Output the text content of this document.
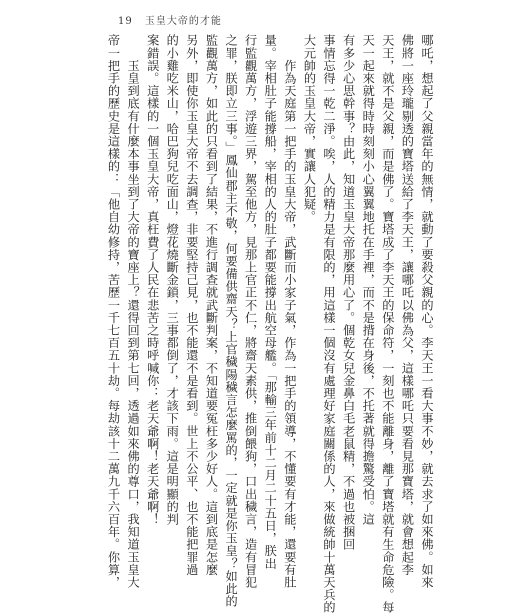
19 玉皇大帝的才能
哪吒，想起了父親當年的無情，就動了要殺父親的心。李天王一看大事不妙，就去求了如來佛。如來
佛將一座玲瓏剔透的寶塔送給了李天王，讓哪吒以佛為父，這樣哪吒只要看見那寶塔，就會想起李
天王，就不是父親，而是佛了。寶塔成了李天王的保命符，一刻也不能離身，離了寶塔就有生命危險。每
天一起來就得時時刻刻小心翼翼地托在手裡，而不是揹在身後，不托著就得擔驚受怕。這
有多少心思幹事？由此，知道玉皇大帝那麼用心了。個乾女兒金鼻白毛老鼠精，不過也被捆回
事情忘得一乾二淨。唉，人的精力是有限的，用這樣一個沒有處理好家庭關係的人，來做統帥十萬天兵的
大元帥的玉皇大帝，實讓人犯疑。
作為天庭第一把手的玉皇大帝，武斷而小家子氣，作為一把手的領導，不懂要有才能，還要有肚
量。宰相肚子能撐船，宰相的人的肚子都要能撐出航空母艦。「那輸三年前十二月二十五日，朕出
行監觀萬方，浮遊三界，駕至他方，見那上官正不仁，將齋天素供，推倒餵狗，口出穢言，造有冒犯
之罪，朕即立三事。」鳳仙郡主不敬，何要備供齋天？上官穢陽穢言怎麼罵的，一定就是你玉皇？如此的
監觀萬方，如此的只看到了結果，不進行調查就武斷判案，不知道要冤枉多少好人。這到底是怎麼
另外，即使你玉皇大帝不去調查，非要堅持己見，也不能還不是看到。世上不公平、也不能把罪過
的小雞吃米山，哈巴狗兒吃面山，燈花燒斷金鎖，三事都倒了，才該下雨。這是明顯的判
案錯誤。這樣的一個玉皇大帝，真枉費了人民在悲苦之時呼喊你：老天爺啊！老天爺啊！
玉皇到底有什麼本事坐到了大帝的寶座上？還得回到第七回，透過如來佛的尊口，我知道玉皇大
帝一把手的歷史是這樣的：「他自幼修持，苦歷一千七百五十劫。每劫該十二萬九千六百年。你算，
